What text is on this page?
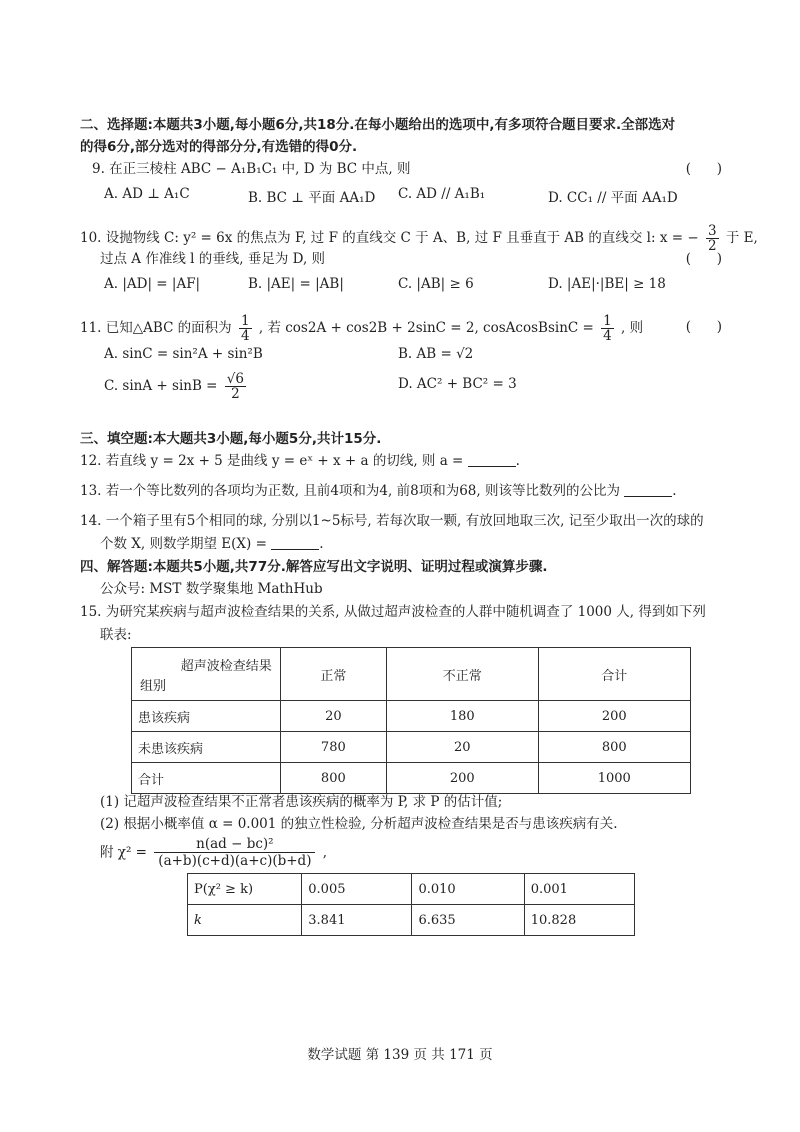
二、选择题:本题共3小题,每小题6分,共18分.在每小题给出的选项中,有多项符合题目要求.全部选对
的得6分,部分选对的得部分分,有选错的得0分.
9. 在正三棱柱 ABC − A₁B₁C₁ 中, D 为 BC 中点, 则	(      )
A. AD ⊥ A₁C	B. BC ⊥ 平面 AA₁D C. AD // A₁B₁	D. CC₁ // 平面 AA₁D
10. 设抛物线 C: y² = 6x 的焦点为 F, 过 F 的直线交 C 于 A、B, 过 F 且垂直于 AB 的直线交 l: x = − $\frac{3}{2}$ 于 E,
过点 A 作准线 l 的垂线, 垂足为 D, 则	(      )
A. |AD| = |AF|	B. |AE| = |AB|	C. |AB| ≥ 6	D. |AE|·|BE| ≥ 18
11. 已知△ABC 的面积为 $\frac{1}{4}$ , 若 cos2A + cos2B + 2sinC = 2, cosAcosBsinC = $\frac{1}{4}$ , 则	(      )
A. sinC = sin²A + sin²B	B. AB = √2
C. $\sin A + \sin B = \frac{√6}{2}$	D. AC² + BC² = 3
三、填空题:本大题共3小题,每小题5分,共计15分.
12. 若直线 y = 2x + 5 是曲线 y = eˣ + x + a 的切线, 则 a =	.
13. 若一个等比数列的各项均为正数, 且前4项和为4, 前8项和为68, 则该等比数列的公比为	.
14. 一个箱子里有5个相同的球, 分别以1~5标号, 若每次取一颗, 有放回地取三次, 记至少取出一次的球的
个数 X, 则数学期望 E(X) =	.
四、解答题:本题共5小题,共77分.解答应写出文字说明、证明过程或演算步骤.
公众号: MST 数学聚集地 MathHub
15. 为研究某疾病与超声波检查结果的关系, 从做过超声波检查的人群中随机调查了 1000 人, 得到如下列
联表:
超声波检查结果
组别	正常	不正常	合计
患该疾病	20	180	200
未患该疾病	780	20	800
合计	800	200	1000
(1) 记超声波检查结果不正常者患该疾病的概率为 P, 求 P 的估计值;
(2) 根据小概率值 α = 0.001 的独立性检验, 分析超声波检查结果是否与患该疾病有关.
附 $\chi^2 = \frac{\text{n(ad − bc)²}}{(a+b)(c+d)(a+c)(b+d)}$ ,
P(χ² ≥ k)	0.005	0.010	0.001
k	3.841	6.635	10.828
数学试题 第 139 页 共 171 页
